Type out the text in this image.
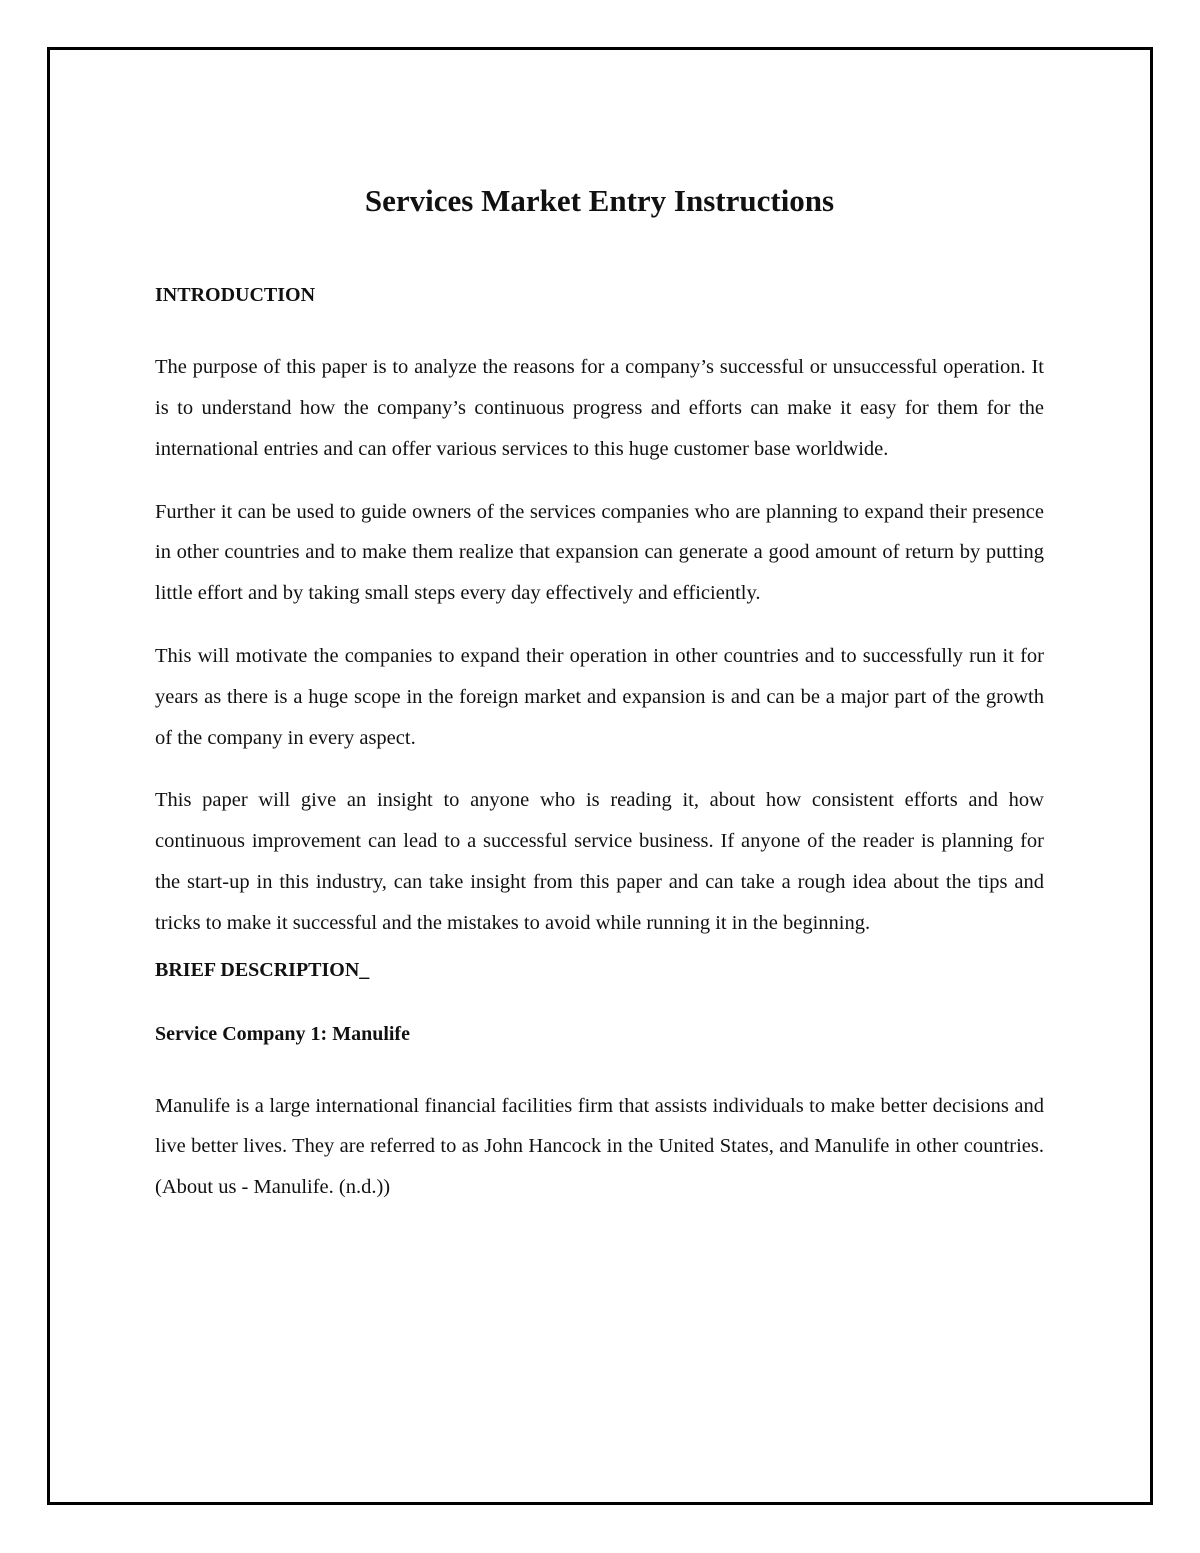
Services Market Entry Instructions
INTRODUCTION

The purpose of this paper is to analyze the reasons for a company’s successful or unsuccessful operation. It is to understand how the company’s continuous progress and efforts can make it easy for them for the international entries and can offer various services to this huge customer base worldwide.

Further it can be used to guide owners of the services companies who are planning to expand their presence in other countries and to make them realize that expansion can generate a good amount of return by putting little effort and by taking small steps every day effectively and efficiently.

This will motivate the companies to expand their operation in other countries and to successfully run it for years as there is a huge scope in the foreign market and expansion is and can be a major part of the growth of the company in every aspect.

This paper will give an insight to anyone who is reading it, about how consistent efforts and how continuous improvement can lead to a successful service business. If anyone of the reader is planning for the start-up in this industry, can take insight from this paper and can take a rough idea about the tips and tricks to make it successful and the mistakes to avoid while running it in the beginning.

BRIEF DESCRIPTION_
Service Company 1: Manulife

Manulife is a large international financial facilities firm that assists individuals to make better decisions and live better lives. They are referred to as John Hancock in the United States, and Manulife in other countries. (About us - Manulife. (n.d.))
